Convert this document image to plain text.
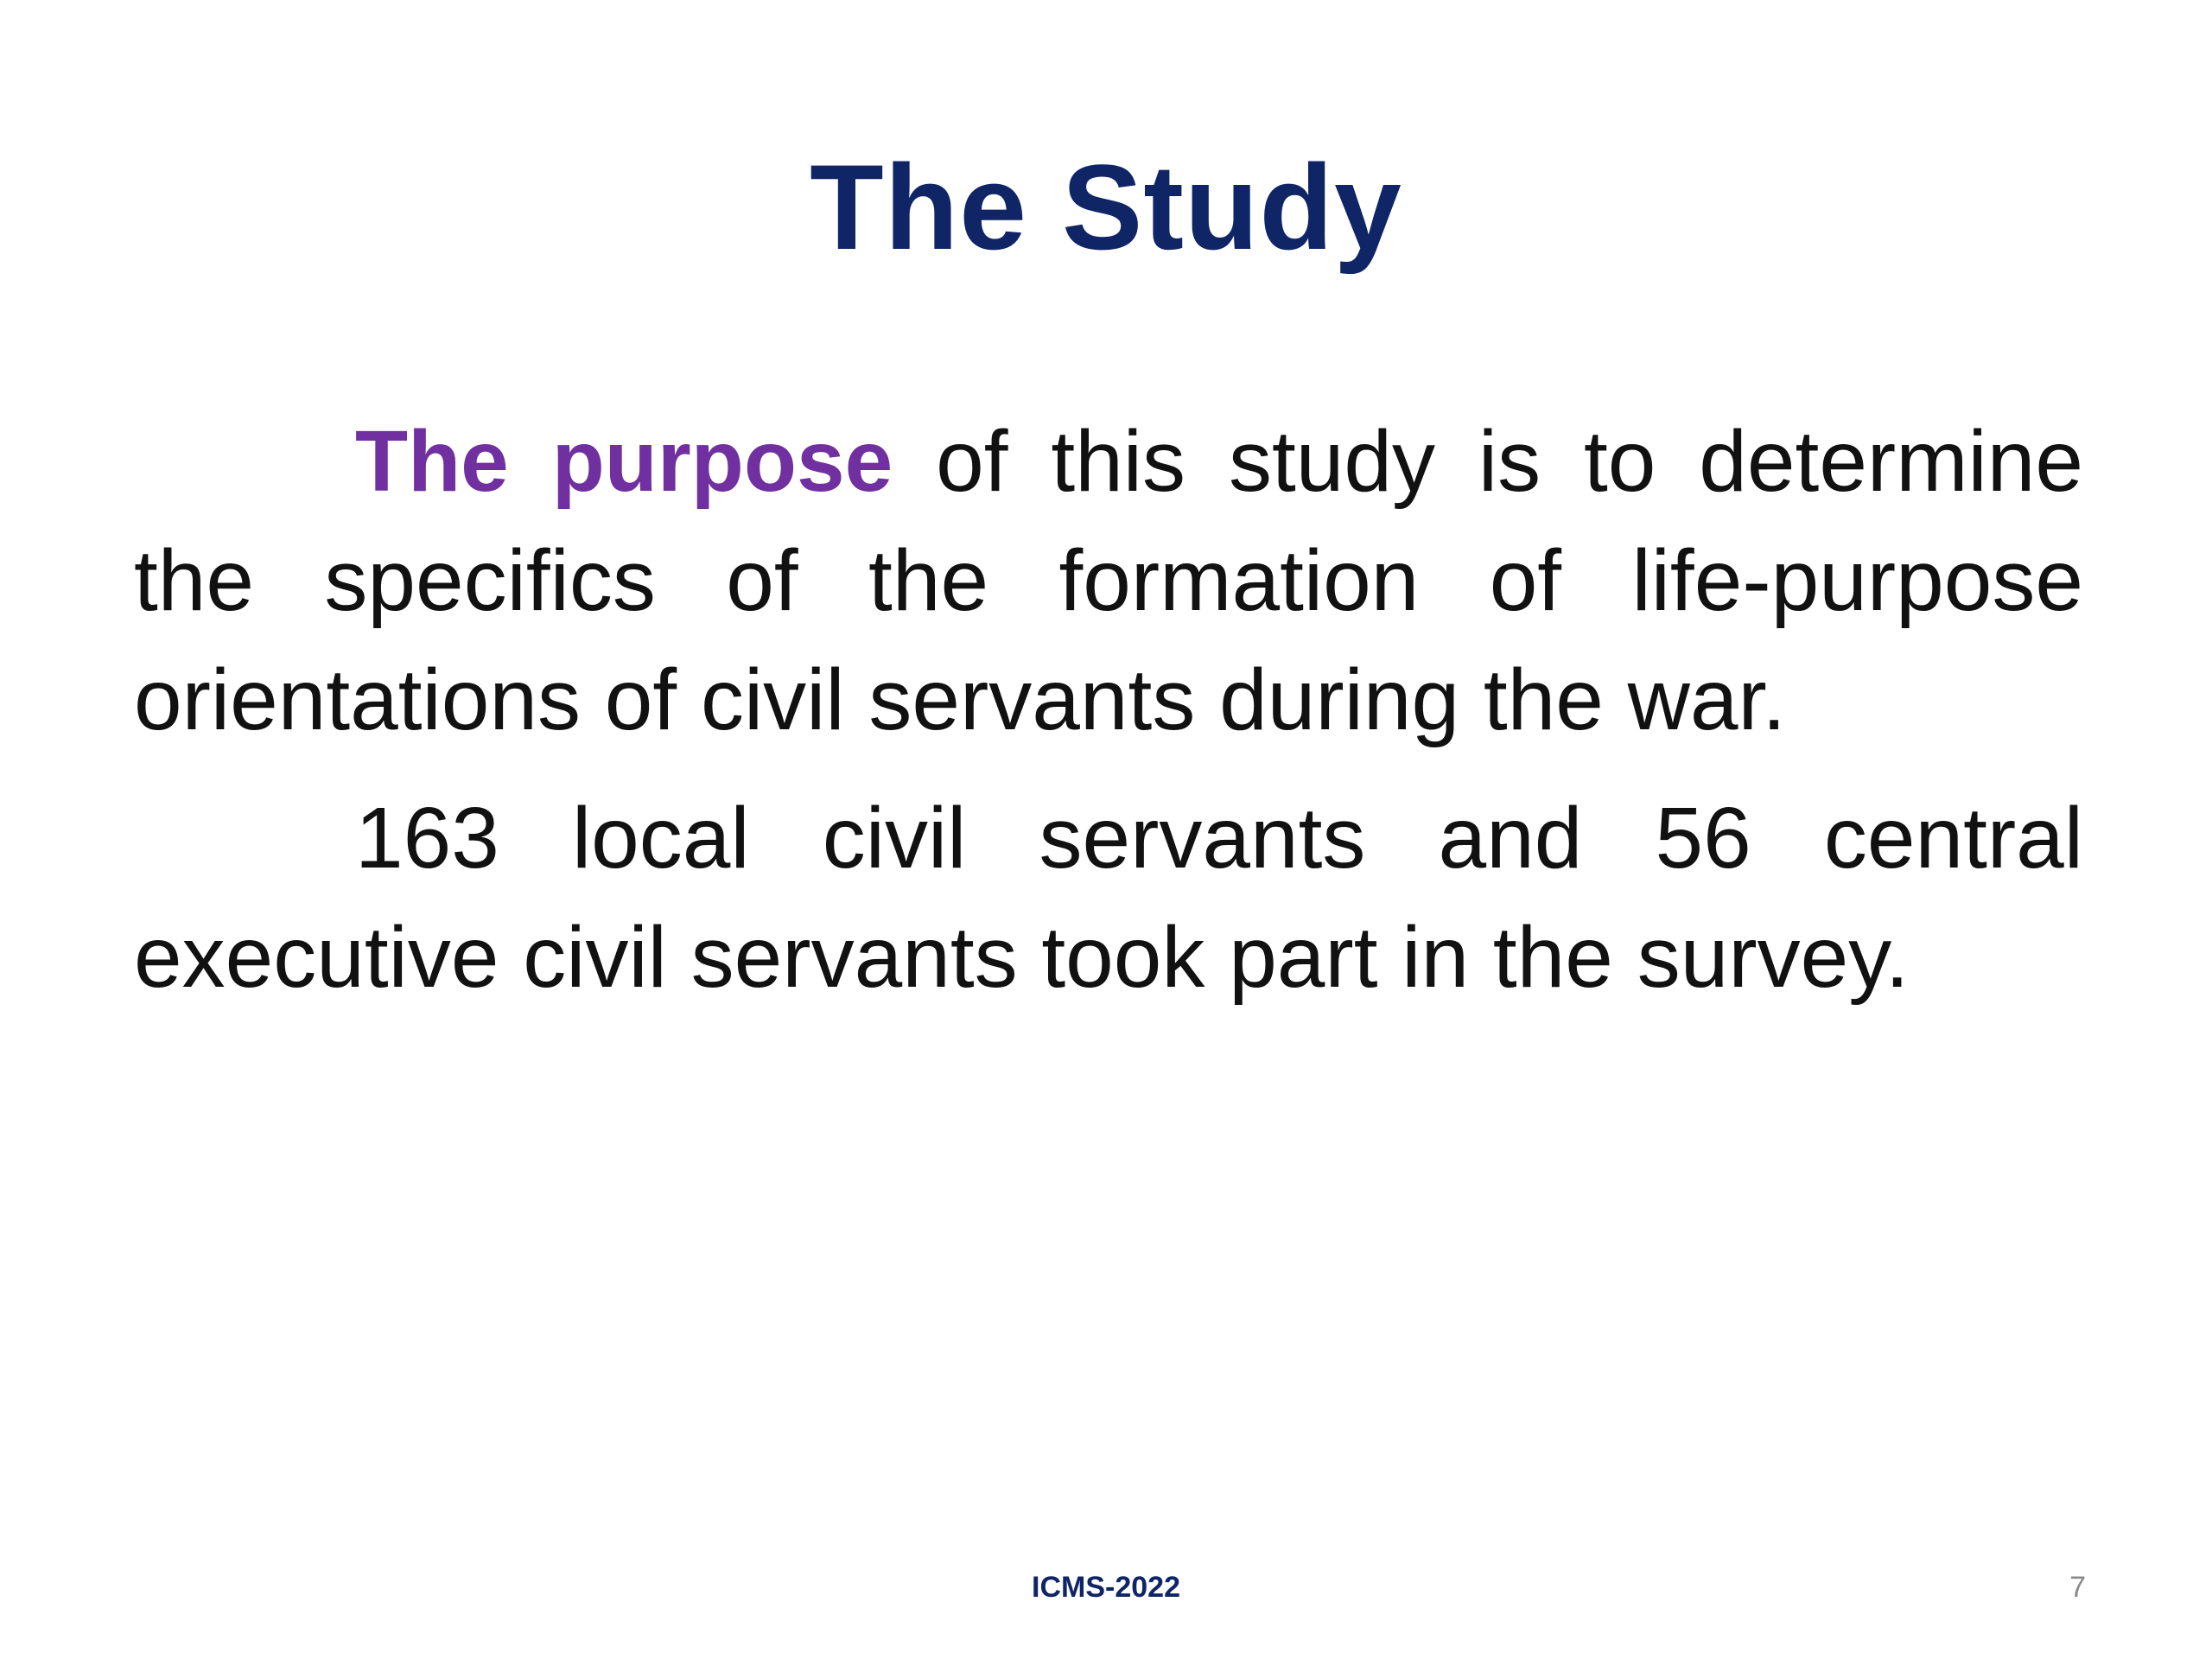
The Study

The purpose of this study is to determine the specifics of the formation of life-purpose orientations of civil servants during the war.

163 local civil servants and 56 central executive civil servants took part in the survey.

ICMS-2022	7
